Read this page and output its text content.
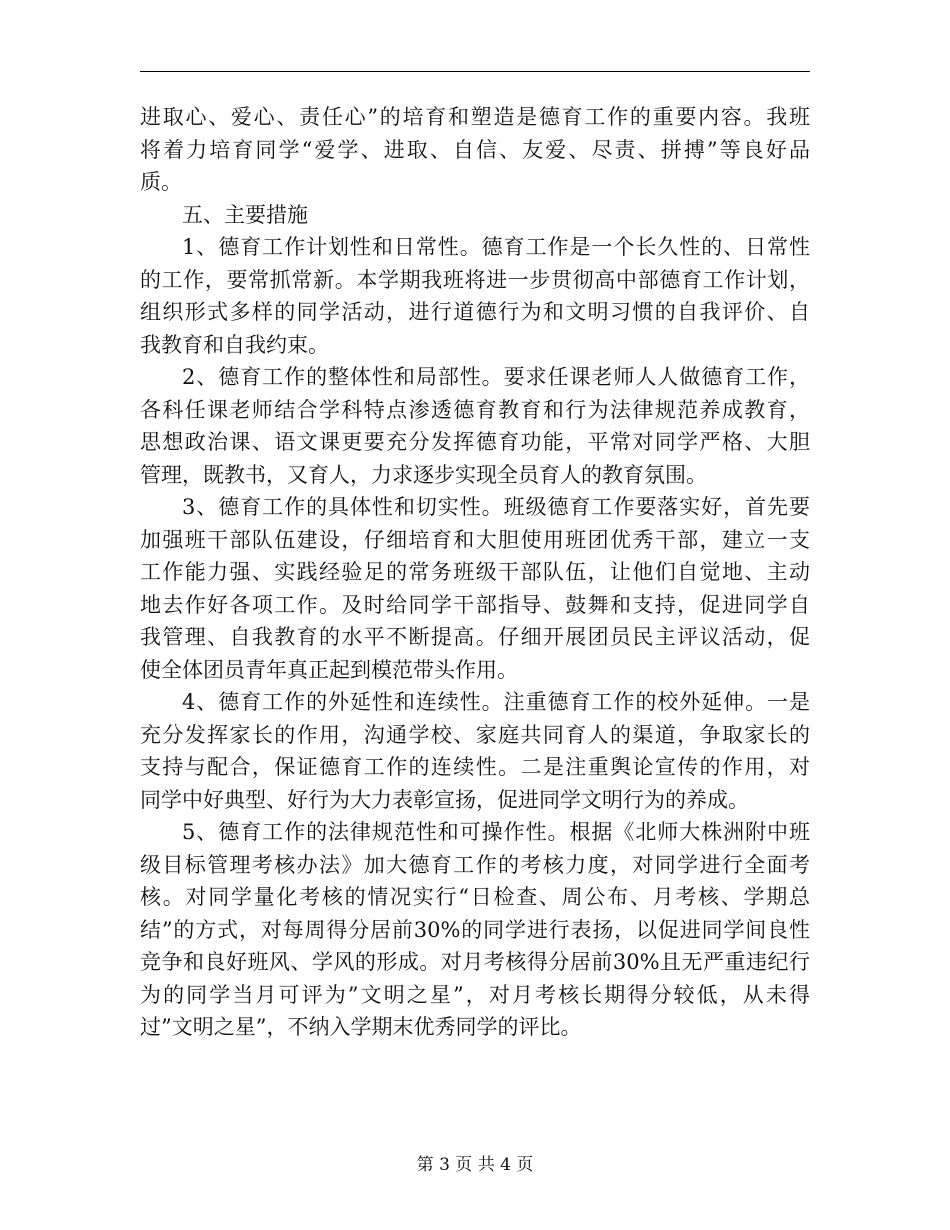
进取心、爱心、责任心”的培育和塑造是德育工作的重要内容。我班
将着力培育同学“爱学、进取、自信、友爱、尽责、拼搏”等良好品
质。
五、主要措施
1、德育工作计划性和日常性。德育工作是一个长久性的、日常性
的工作，要常抓常新。本学期我班将进一步贯彻高中部德育工作计划，
组织形式多样的同学活动，进行道德行为和文明习惯的自我评价、自
我教育和自我约束。
2、德育工作的整体性和局部性。要求任课老师人人做德育工作，
各科任课老师结合学科特点渗透德育教育和行为法律规范养成教育，
思想政治课、语文课更要充分发挥德育功能，平常对同学严格、大胆
管理，既教书，又育人，力求逐步实现全员育人的教育氛围。
3、德育工作的具体性和切实性。班级德育工作要落实好，首先要
加强班干部队伍建设，仔细培育和大胆使用班团优秀干部，建立一支
工作能力强、实践经验足的常务班级干部队伍，让他们自觉地、主动
地去作好各项工作。及时给同学干部指导、鼓舞和支持，促进同学自
我管理、自我教育的水平不断提高。仔细开展团员民主评议活动，促
使全体团员青年真正起到模范带头作用。
4、德育工作的外延性和连续性。注重德育工作的校外延伸。一是
充分发挥家长的作用，沟通学校、家庭共同育人的渠道，争取家长的
支持与配合，保证德育工作的连续性。二是注重舆论宣传的作用，对
同学中好典型、好行为大力表彰宣扬，促进同学文明行为的养成。
5、德育工作的法律规范性和可操作性。根据《北师大株洲附中班
级目标管理考核办法》加大德育工作的考核力度，对同学进行全面考
核。对同学量化考核的情况实行“日检查、周公布、月考核、学期总
结”的方式，对每周得分居前30%的同学进行表扬，以促进同学间良性
竞争和良好班风、学风的形成。对月考核得分居前30%且无严重违纪行
为的同学当月可评为”文明之星”，对月考核长期得分较低，从未得
过”文明之星”，不纳入学期末优秀同学的评比。
第 3 页 共 4 页
